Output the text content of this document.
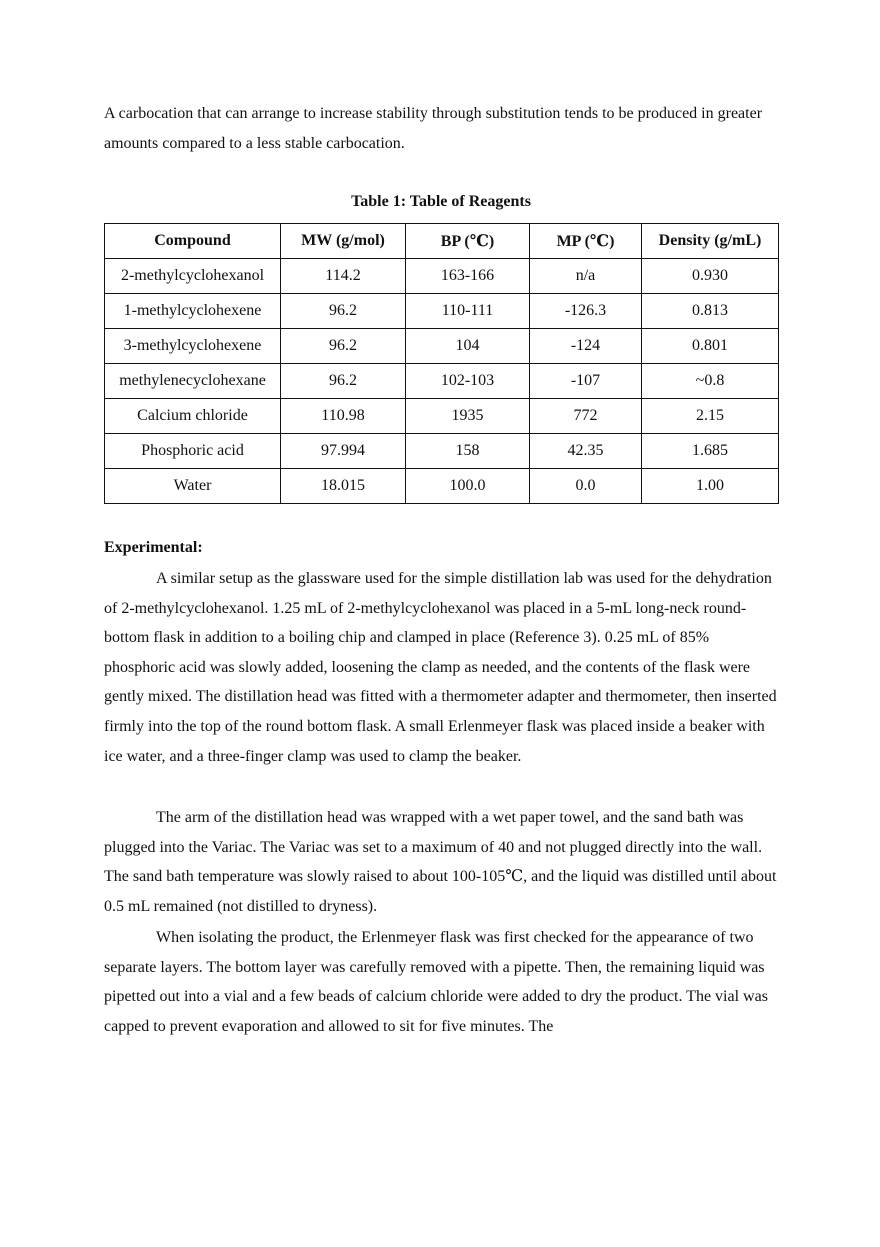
A carbocation that can arrange to increase stability through substitution tends to be produced in greater amounts compared to a less stable carbocation.

Table 1: Table of Reagents
Compound	MW (g/mol)	BP (℃)	MP (℃)	Density (g/mL)
2-methylcyclohexanol	114.2	163-166	n/a	0.930
1-methylcyclohexene	96.2	110-111	-126.3	0.813
3-methylcyclohexene	96.2	104	-124	0.801
methylenecyclohexane	96.2	102-103	-107	~0.8
Calcium chloride	110.98	1935	772	2.15
Phosphoric acid	97.994	158	42.35	1.685
Water	18.015	100.0	0.0	1.00
Experimental:

A similar setup as the glassware used for the simple distillation lab was used for the dehydration of 2-methylcyclohexanol. 1.25 mL of 2-methylcyclohexanol was placed in a 5-mL long-neck round-bottom flask in addition to a boiling chip and clamped in place (Reference 3). 0.25 mL of 85% phosphoric acid was slowly added, loosening the clamp as needed, and the contents of the flask were gently mixed. The distillation head was fitted with a thermometer adapter and thermometer, then inserted firmly into the top of the round bottom flask. A small Erlenmeyer flask was placed inside a beaker with ice water, and a three-finger clamp was used to clamp the beaker.

The arm of the distillation head was wrapped with a wet paper towel, and the sand bath was plugged into the Variac. The Variac was set to a maximum of 40 and not plugged directly into the wall. The sand bath temperature was slowly raised to about 100-105℃, and the liquid was distilled until about 0.5 mL remained (not distilled to dryness).

When isolating the product, the Erlenmeyer flask was first checked for the appearance of two separate layers. The bottom layer was carefully removed with a pipette. Then, the remaining liquid was pipetted out into a vial and a few beads of calcium chloride were added to dry the product. The vial was capped to prevent evaporation and allowed to sit for five minutes. The
